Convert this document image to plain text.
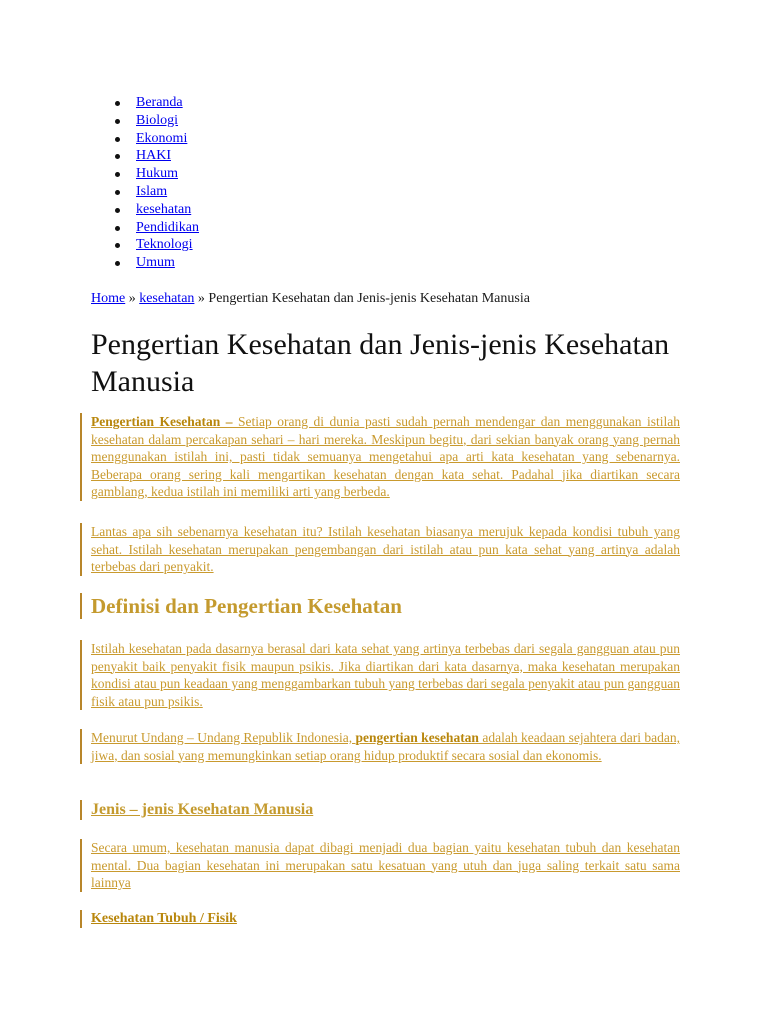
Beranda
Biologi
Ekonomi
HAKI
Hukum
Islam
kesehatan
Pendidikan
Teknologi
Umum
Home » kesehatan » Pengertian Kesehatan dan Jenis-jenis Kesehatan Manusia
Pengertian Kesehatan dan Jenis-jenis Kesehatan Manusia

Pengertian Kesehatan – Setiap orang di dunia pasti sudah pernah mendengar dan menggunakan istilah kesehatan dalam percakapan sehari – hari mereka. Meskipun begitu, dari sekian banyak orang yang pernah menggunakan istilah ini, pasti tidak semuanya mengetahui apa arti kata kesehatan yang sebenarnya. Beberapa orang sering kali mengartikan kesehatan dengan kata sehat. Padahal jika diartikan secara gamblang, kedua istilah ini memiliki arti yang berbeda.

Lantas apa sih sebenarnya kesehatan itu? Istilah kesehatan biasanya merujuk kepada kondisi tubuh yang sehat. Istilah kesehatan merupakan pengembangan dari istilah atau pun kata sehat yang artinya adalah terbebas dari penyakit.

Definisi dan Pengertian Kesehatan

Istilah kesehatan pada dasarnya berasal dari kata sehat yang artinya terbebas dari segala gangguan atau pun penyakit baik penyakit fisik maupun psikis. Jika diartikan dari kata dasarnya, maka kesehatan merupakan kondisi atau pun keadaan yang menggambarkan tubuh yang terbebas dari segala penyakit atau pun gangguan fisik atau pun psikis.

Menurut Undang – Undang Republik Indonesia, pengertian kesehatan adalah keadaan sejahtera dari badan, jiwa, dan sosial yang memungkinkan setiap orang hidup produktif secara sosial dan ekonomis.

Jenis – jenis Kesehatan Manusia

Secara umum, kesehatan manusia dapat dibagi menjadi dua bagian yaitu kesehatan tubuh dan kesehatan mental. Dua bagian kesehatan ini merupakan satu kesatuan yang utuh dan juga saling terkait satu sama lainnya

Kesehatan Tubuh / Fisik
